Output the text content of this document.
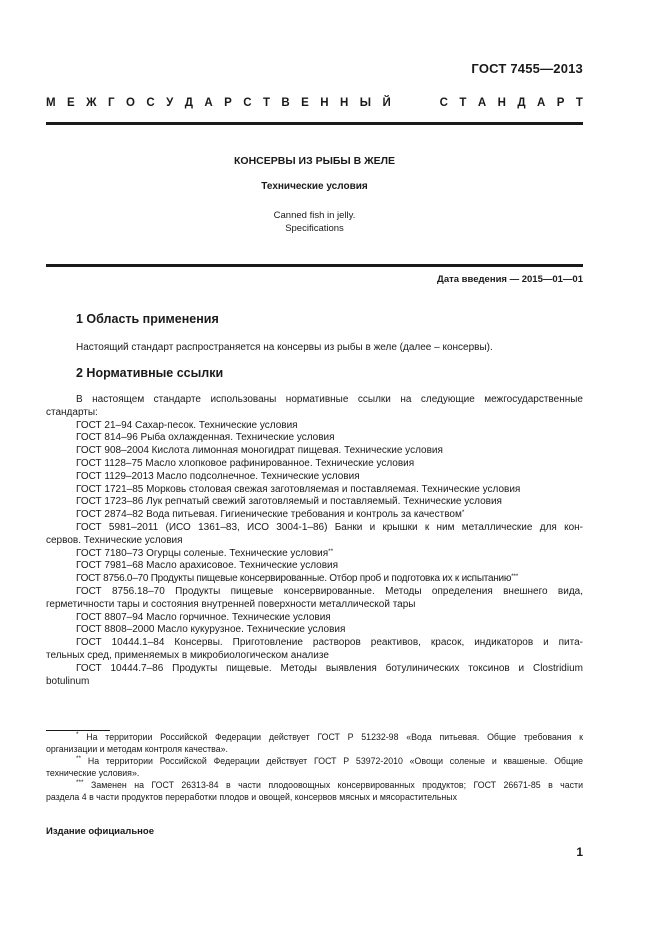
ГОСТ 7455—2013
М Е Ж Г О С У Д А Р С Т В Е Н Н Ы Й	С Т А Н Д А Р Т
КОНСЕРВЫ ИЗ РЫБЫ В ЖЕЛЕ
Технические условия
Canned fish in jelly.
Specifications
Дата введения — 2015—01—01
1 Область применения
Настоящий стандарт распространяется на консервы из рыбы в желе (далее – консервы).
2 Нормативные ссылки
В настоящем стандарте использованы нормативные ссылки на следующие межгосударственные
стандарты:
ГОСТ 21–94 Сахар-песок. Технические условия
ГОСТ 814–96 Рыба охлажденная. Технические условия
ГОСТ 908–2004 Кислота лимонная моногидрат пищевая. Технические условия
ГОСТ 1128–75 Масло хлопковое рафинированное. Технические условия
ГОСТ 1129–2013 Масло подсолнечное. Технические условия
ГОСТ 1721–85 Морковь столовая свежая заготовляемая и поставляемая. Технические условия
ГОСТ 1723–86 Лук репчатый свежий заготовляемый и поставляемый. Технические условия
ГОСТ 2874–82 Вода питьевая. Гигиенические требования и контроль за качеством*
ГОСТ 5981–2011 (ИСО 1361–83, ИСО 3004-1–86) Банки и крышки к ним металлические для кон-
сервов. Технические условия
ГОСТ 7180–73 Огурцы соленые. Технические условия**
ГОСТ 7981–68 Масло арахисовое. Технические условия
ГОСТ 8756.0–70 Продукты пищевые консервированные. Отбор проб и подготовка их к испытанию***
ГОСТ 8756.18–70 Продукты пищевые консервированные. Методы определения внешнего вида,
герметичности тары и состояния внутренней поверхности металлической тары
ГОСТ 8807–94 Масло горчичное. Технические условия
ГОСТ 8808–2000 Масло кукурузное. Технические условия
ГОСТ 10444.1–84 Консервы. Приготовление растворов реактивов, красок, индикаторов и пита-
тельных сред, применяемых в микробиологическом анализе
ГОСТ 10444.7–86 Продукты пищевые. Методы выявления ботулинических токсинов и Clostridium
botulinum
* На территории Российской Федерации действует ГОСТ Р 51232-98 «Вода питьевая. Общие требования к
организации и методам контроля качества».
** На территории Российской Федерации действует ГОСТ Р 53972-2010 «Овощи соленые и квашеные. Общие
технические условия».
*** Заменен на ГОСТ 26313-84 в части плодоовощных консервированных продуктов; ГОСТ 26671-85 в части
раздела 4 в части продуктов переработки плодов и овощей, консервов мясных и мясорастительных
Издание официальное
1
